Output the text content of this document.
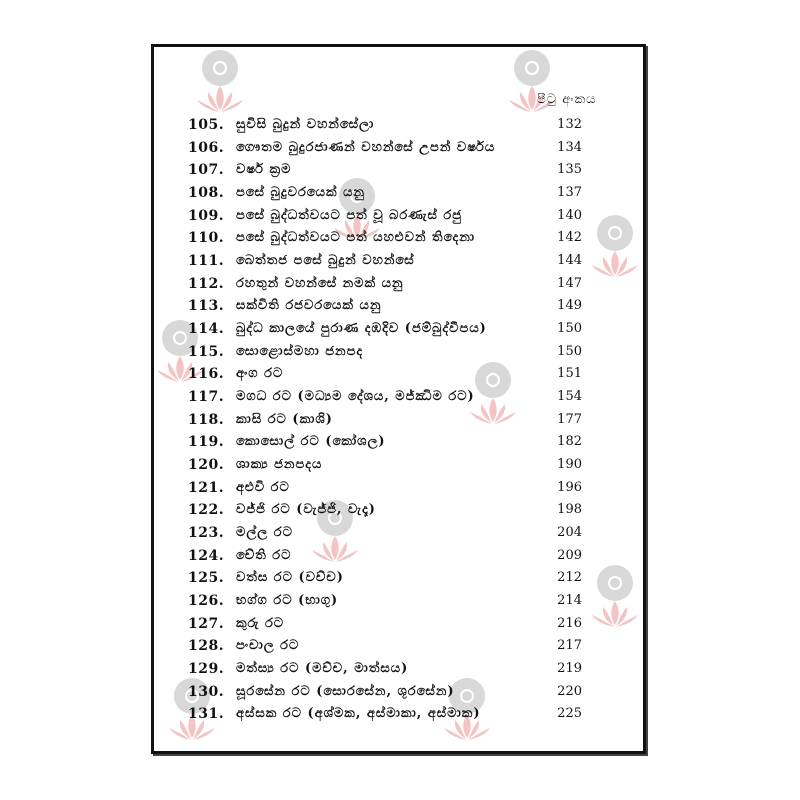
පිටු අංකය
105. සුවිසි බුදුන් වහන්සේලා	132
106. ගෞතම බුදුරජාණන් වහන්සේ උපන් වර්ෂය	134
107. වර්ෂ ක්‍රම	135
108. පසේ බුදුවරයෙක් යනු	137
109. පසේ බුද්ධත්වයට පත් වූ බරණැස් රජු	140
110. පසේ බුද්ධත්වයට පත් යහළුවන් තිදෙනා	142
111. බෙත්තජ පසේ බුදුන් වහන්සේ	144
112. රහතුන් වහන්සේ නමක් යනු	147
113. සක්විති රජවරයෙක් යනු	149
114. බුද්ධ කාලයේ පුරාණ දඹදිව (ජම්බුද්වීපය)	150
115. සොළොස්මහා ජනපද	150
116. අංග රට	151
117. මගධ රට (මධ්‍යම දේශය, මජ්ඣිම රට)	154
118. කාසි රට (කාශි)	177
119. කොසොල් රට (කෝශල)	182
120. ශාක්‍ය ජනපදය	190
121. අළුවි රට	196
122. වජ්ජි රට (වැජ්ජි, වැදෑ)	198
123. මල්ල රට	204
124. චේති රට	209
125. වත්ස රට (වච්ච)	212
126. භග්ග රට (භාගු)	214
127. කුරු රට	216
128. පංචාල රට	217
129. මත්ස්‍ය රට (මච්ච, මාත්සය)	219
130. සූරසේන රට (සොරසේන, ශූරසේන)	220
131. අස්සක රට (අශ්මක, අස්මාකා, අස්මාක)	225
